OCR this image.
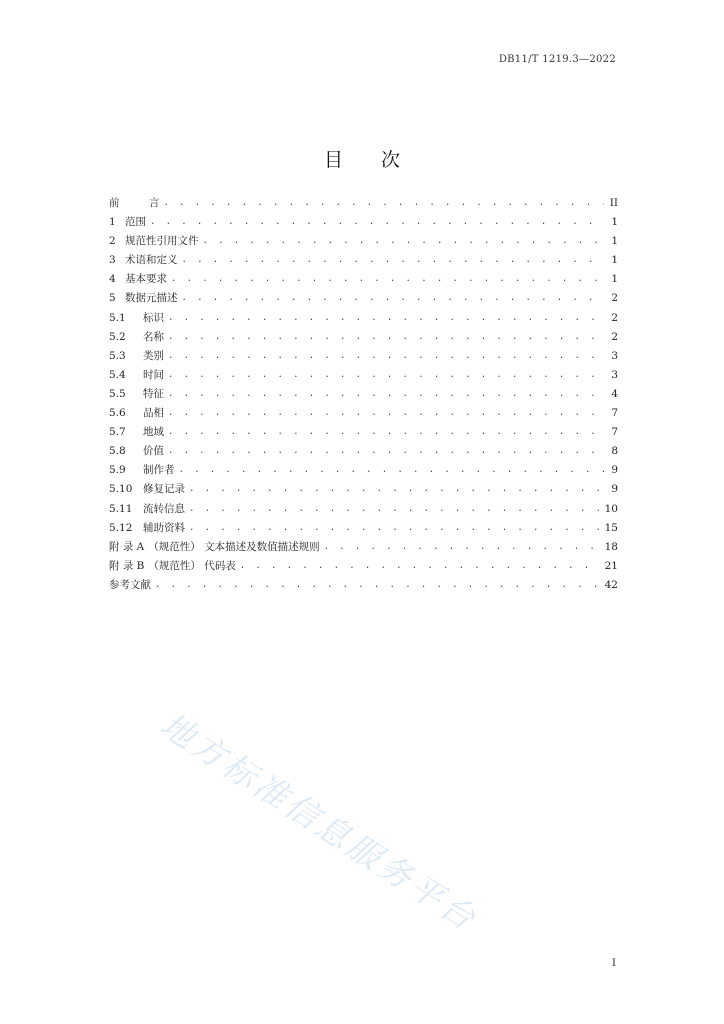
DB11/T 1219.3—2022
目次
前	言 . . .	II
1 范围 . . .	1
2 规范性引用文件 . . .	1
3 术语和定义 . . .	1
4 基本要求 . . .	1
5 数据元描述 . . .	2
5.1	标识 . . .	2
5.2	名称 . . .	2
5.3	类别 . . .	3
5.4	时间 . . .	3
5.5	特征 . . .	4
5.6	品相 . . .	7
5.7	地域 . . .	7
5.8	价值 . . .	8
5.9	制作者 . . .	9
5.10	修复记录 . . .	9
5.11	流转信息 . . .	10
5.12	辅助资料 . . .	15
附 录 A （规范性） 文本描述及数值描述规则 . . .	18
附 录 B （规范性） 代码表 . . .	21
参考文献 . . .	42
地方标准信息服务平台
I
